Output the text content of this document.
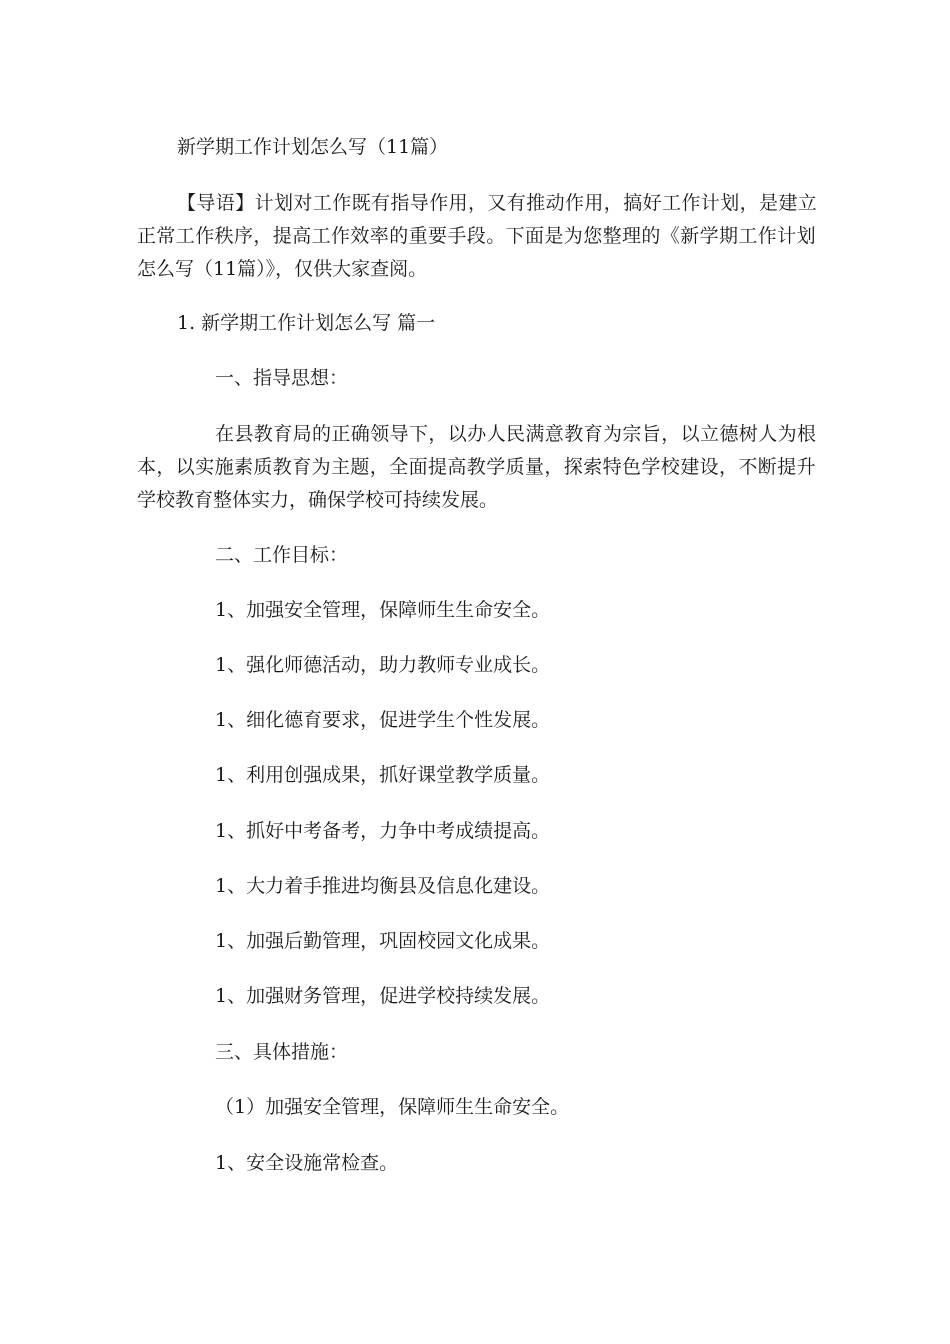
新学期工作计划怎么写（11篇）
【导语】计划对工作既有指导作用，又有推动作用，搞好工作计划，是建立
正常工作秩序，提高工作效率的重要手段。下面是为您整理的《新学期工作计划
怎么写（11篇）》，仅供大家查阅。
1. 新学期工作计划怎么写 篇一
一、指导思想：
在县教育局的正确领导下，以办人民满意教育为宗旨，以立德树人为根
本，以实施素质教育为主题，全面提高教学质量，探索特色学校建设，不断提升
学校教育整体实力，确保学校可持续发展。
二、工作目标：
1、加强安全管理，保障师生生命安全。
1、强化师德活动，助力教师专业成长。
1、细化德育要求，促进学生个性发展。
1、利用创强成果，抓好课堂教学质量。
1、抓好中考备考，力争中考成绩提高。
1、大力着手推进均衡县及信息化建设。
1、加强后勤管理，巩固校园文化成果。
1、加强财务管理，促进学校持续发展。
三、具体措施：
（1）加强安全管理，保障师生生命安全。
1、安全设施常检查。
